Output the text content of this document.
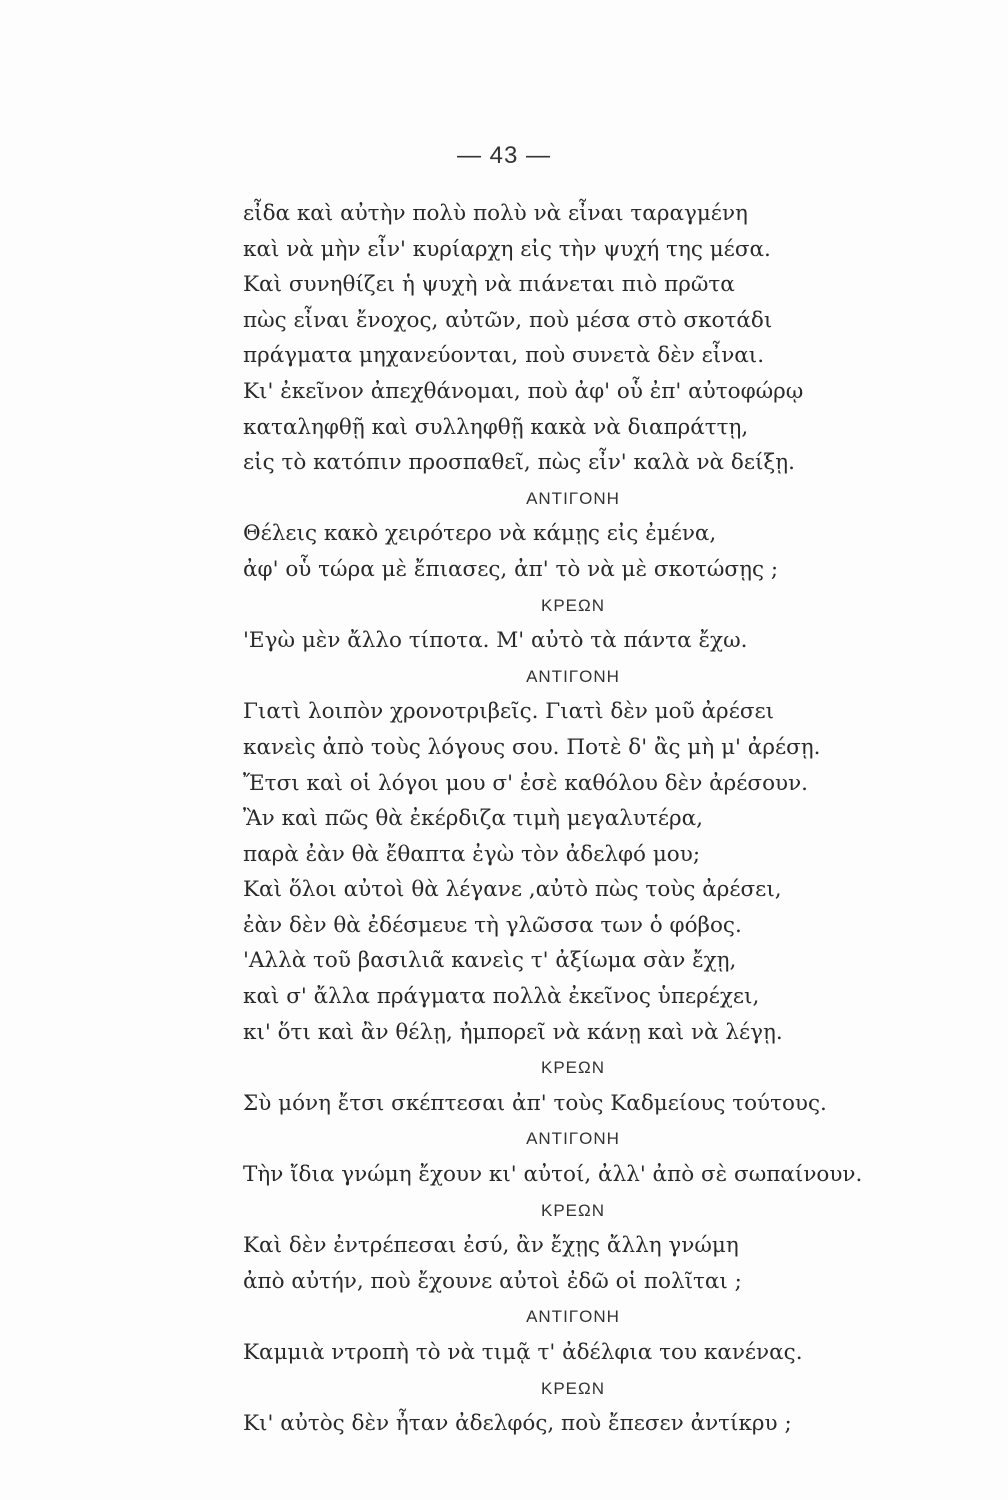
— 43 —
εἶδα καὶ αὐτὴν πολὺ πολὺ νὰ εἶναι ταραγμένη
καὶ νὰ μὴν εἶν' κυρίαρχη εἰς τὴν ψυχή της μέσα.
Καὶ συνηθίζει ἡ ψυχὴ νὰ πιάνεται πιὸ πρῶτα
πὼς εἶναι ἔνοχος, αὐτῶν, ποὺ μέσα στὸ σκοτάδι
πράγματα μηχανεύονται, ποὺ συνετὰ δὲν εἶναι.
Κι' ἐκεῖνον ἀπεχθάνομαι, ποὺ ἀφ' οὗ ἐπ' αὐτοφώρῳ
καταληφθῇ καὶ συλληφθῇ κακὰ νὰ διαπράττῃ,
εἰς τὸ κατόπιν προσπαθεῖ, πὼς εἶν' καλὰ νὰ δείξῃ.
ΑΝΤΙΓΟΝΗ
Θέλεις κακὸ χειρότερο νὰ κάμῃς εἰς ἐμένα,
ἀφ' οὗ τώρα μὲ ἔπιασες, ἀπ' τὸ νὰ μὲ σκοτώσῃς ;
ΚΡΕΩΝ
'Εγὼ μὲν ἄλλο τίποτα. Μ' αὐτὸ τὰ πάντα ἔχω.
ΑΝΤΙΓΟΝΗ
Γιατὶ λοιπὸν χρονοτριβεῖς. Γιατὶ δὲν μοῦ ἀρέσει
κανεὶς ἀπὸ τοὺς λόγους σου. Ποτὲ δ' ἂς μὴ μ' ἀρέσῃ.
Ἔτσι καὶ οἱ λόγοι μου σ' ἐσὲ καθόλου δὲν ἀρέσουν.
Ἂν καὶ πῶς θὰ ἐκέρδιζα τιμὴ μεγαλυτέρα,
παρὰ ἐὰν θὰ ἔθαπτα ἐγὼ τὸν ἀδελφό μου;
Καὶ ὅλοι αὐτοὶ θὰ λέγανε ,αὐτὸ πὼς τοὺς ἀρέσει,
ἐὰν δὲν θὰ ἐδέσμευε τὴ γλῶσσα των ὁ φόβος.
'Αλλὰ τοῦ βασιλιᾶ κανεὶς τ' ἀξίωμα σὰν ἔχῃ,
καὶ σ' ἄλλα πράγματα πολλὰ ἐκεῖνος ὑπερέχει,
κι' ὅτι καὶ ἂν θέλῃ, ἠμπορεῖ νὰ κάνῃ καὶ νὰ λέγῃ.
ΚΡΕΩΝ
Σὺ μόνη ἔτσι σκέπτεσαι ἀπ' τοὺς Καδμείους τούτους.
ΑΝΤΙΓΟΝΗ
Τὴν ἴδια γνώμη ἔχουν κι' αὐτοί, ἀλλ' ἀπὸ σὲ σωπαίνουν.
ΚΡΕΩΝ
Καὶ δὲν ἐντρέπεσαι ἐσύ, ἂν ἔχῃς ἄλλη γνώμη
ἀπὸ αὐτήν, ποὺ ἔχουνε αὐτοὶ ἐδῶ οἱ πολῖται ;
ΑΝΤΙΓΟΝΗ
Καμμιὰ ντροπὴ τὸ νὰ τιμᾷ τ' ἀδέλφια του κανένας.
ΚΡΕΩΝ
Κι' αὐτὸς δὲν ἦταν ἀδελφός, ποὺ ἔπεσεν ἀντίκρυ ;
